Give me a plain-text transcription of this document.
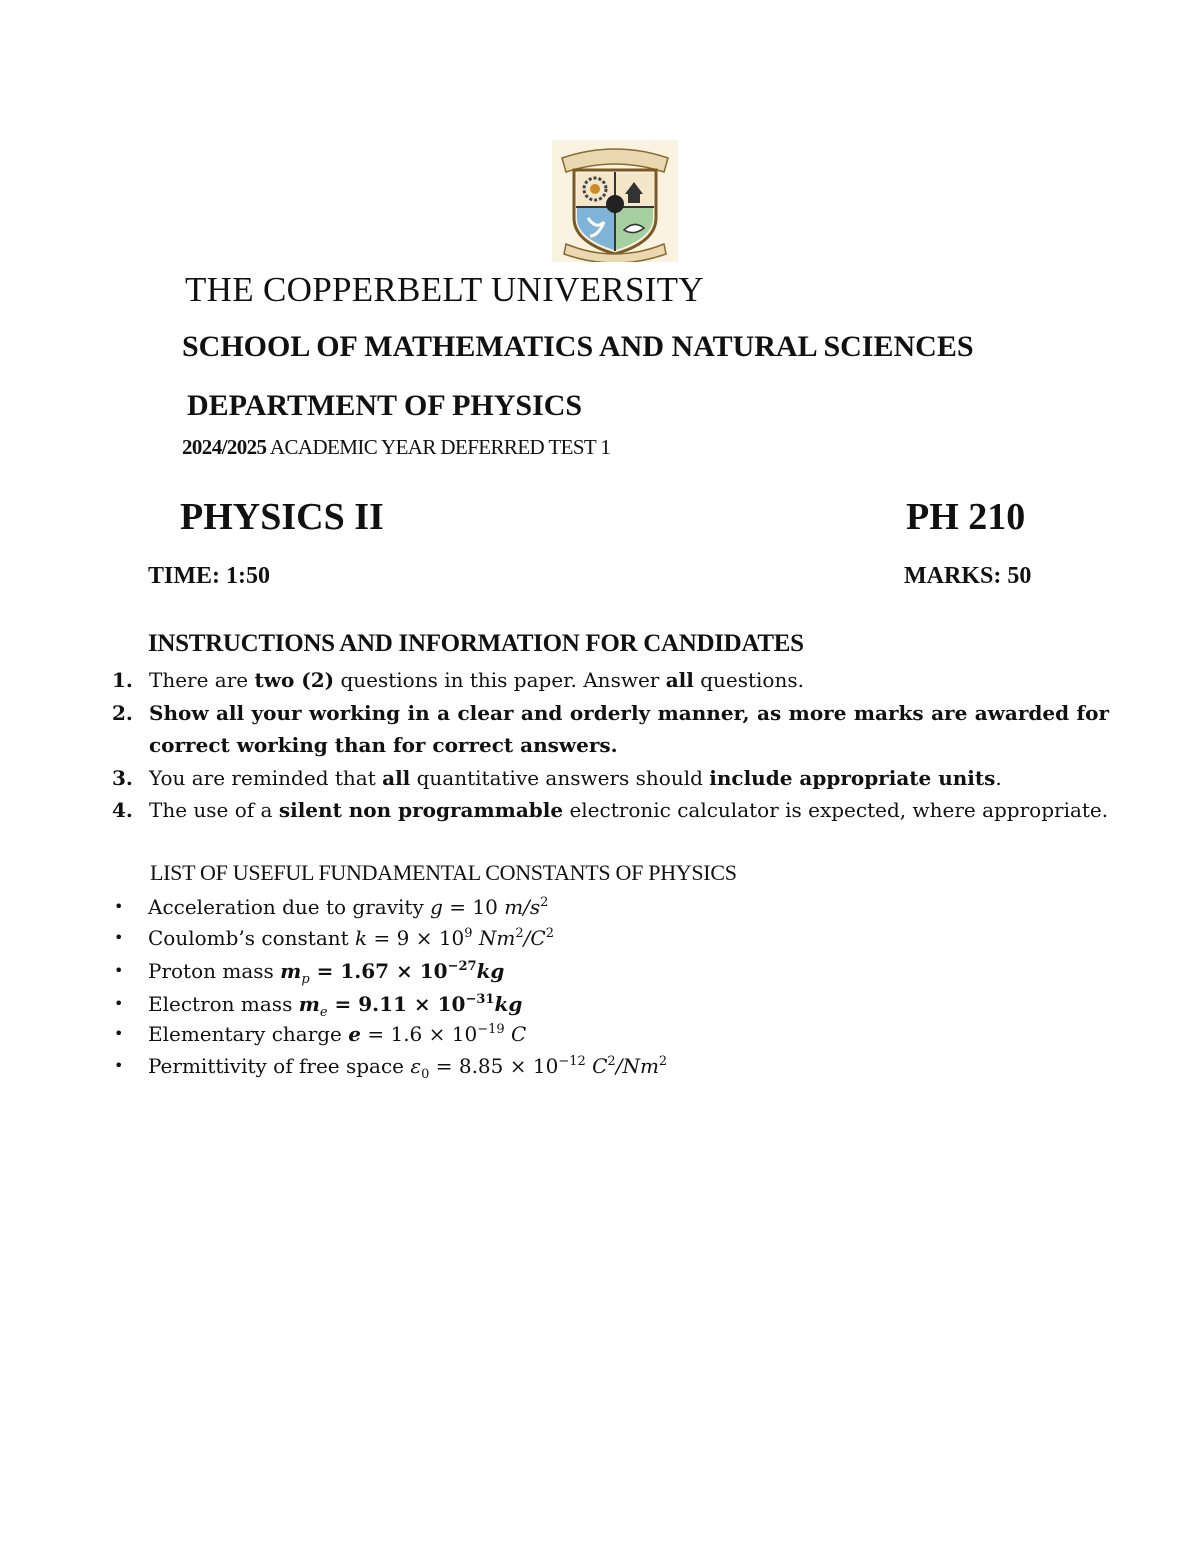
THE COPPERBELT UNIVERSITY
SCHOOL OF MATHEMATICS AND NATURAL SCIENCES
DEPARTMENT OF PHYSICS
2024/2025 ACADEMIC YEAR DEFERRED TEST 1
PHYSICS II	PH 210
TIME: 1:50	MARKS: 50
INSTRUCTIONS AND INFORMATION FOR CANDIDATES
1. There are two (2) questions in this paper. Answer all questions.
2. Show all your working in a clear and orderly manner, as more marks are awarded for correct working than for correct answers.
3. You are reminded that all quantitative answers should include appropriate units.
4. The use of a silent non programmable electronic calculator is expected, where appropriate.
LIST OF USEFUL FUNDAMENTAL CONSTANTS OF PHYSICS
• Acceleration due to gravity g = 10 $m/s^2$
• Coulomb’s constant $k = 9 \times 10^9$ $Nm^2/C^2$
• Proton mass $m_p = 1.67 \times 10^{-27}kg$
• Electron mass $m_e = 9.11 \times 10^{-31}kg$
• Elementary charge $e = 1.6 \times 10^{-19}$ C
• Permittivity of free space $\varepsilon_0 = 8.85 \times 10^{-12}$ $C^2/Nm^2$
